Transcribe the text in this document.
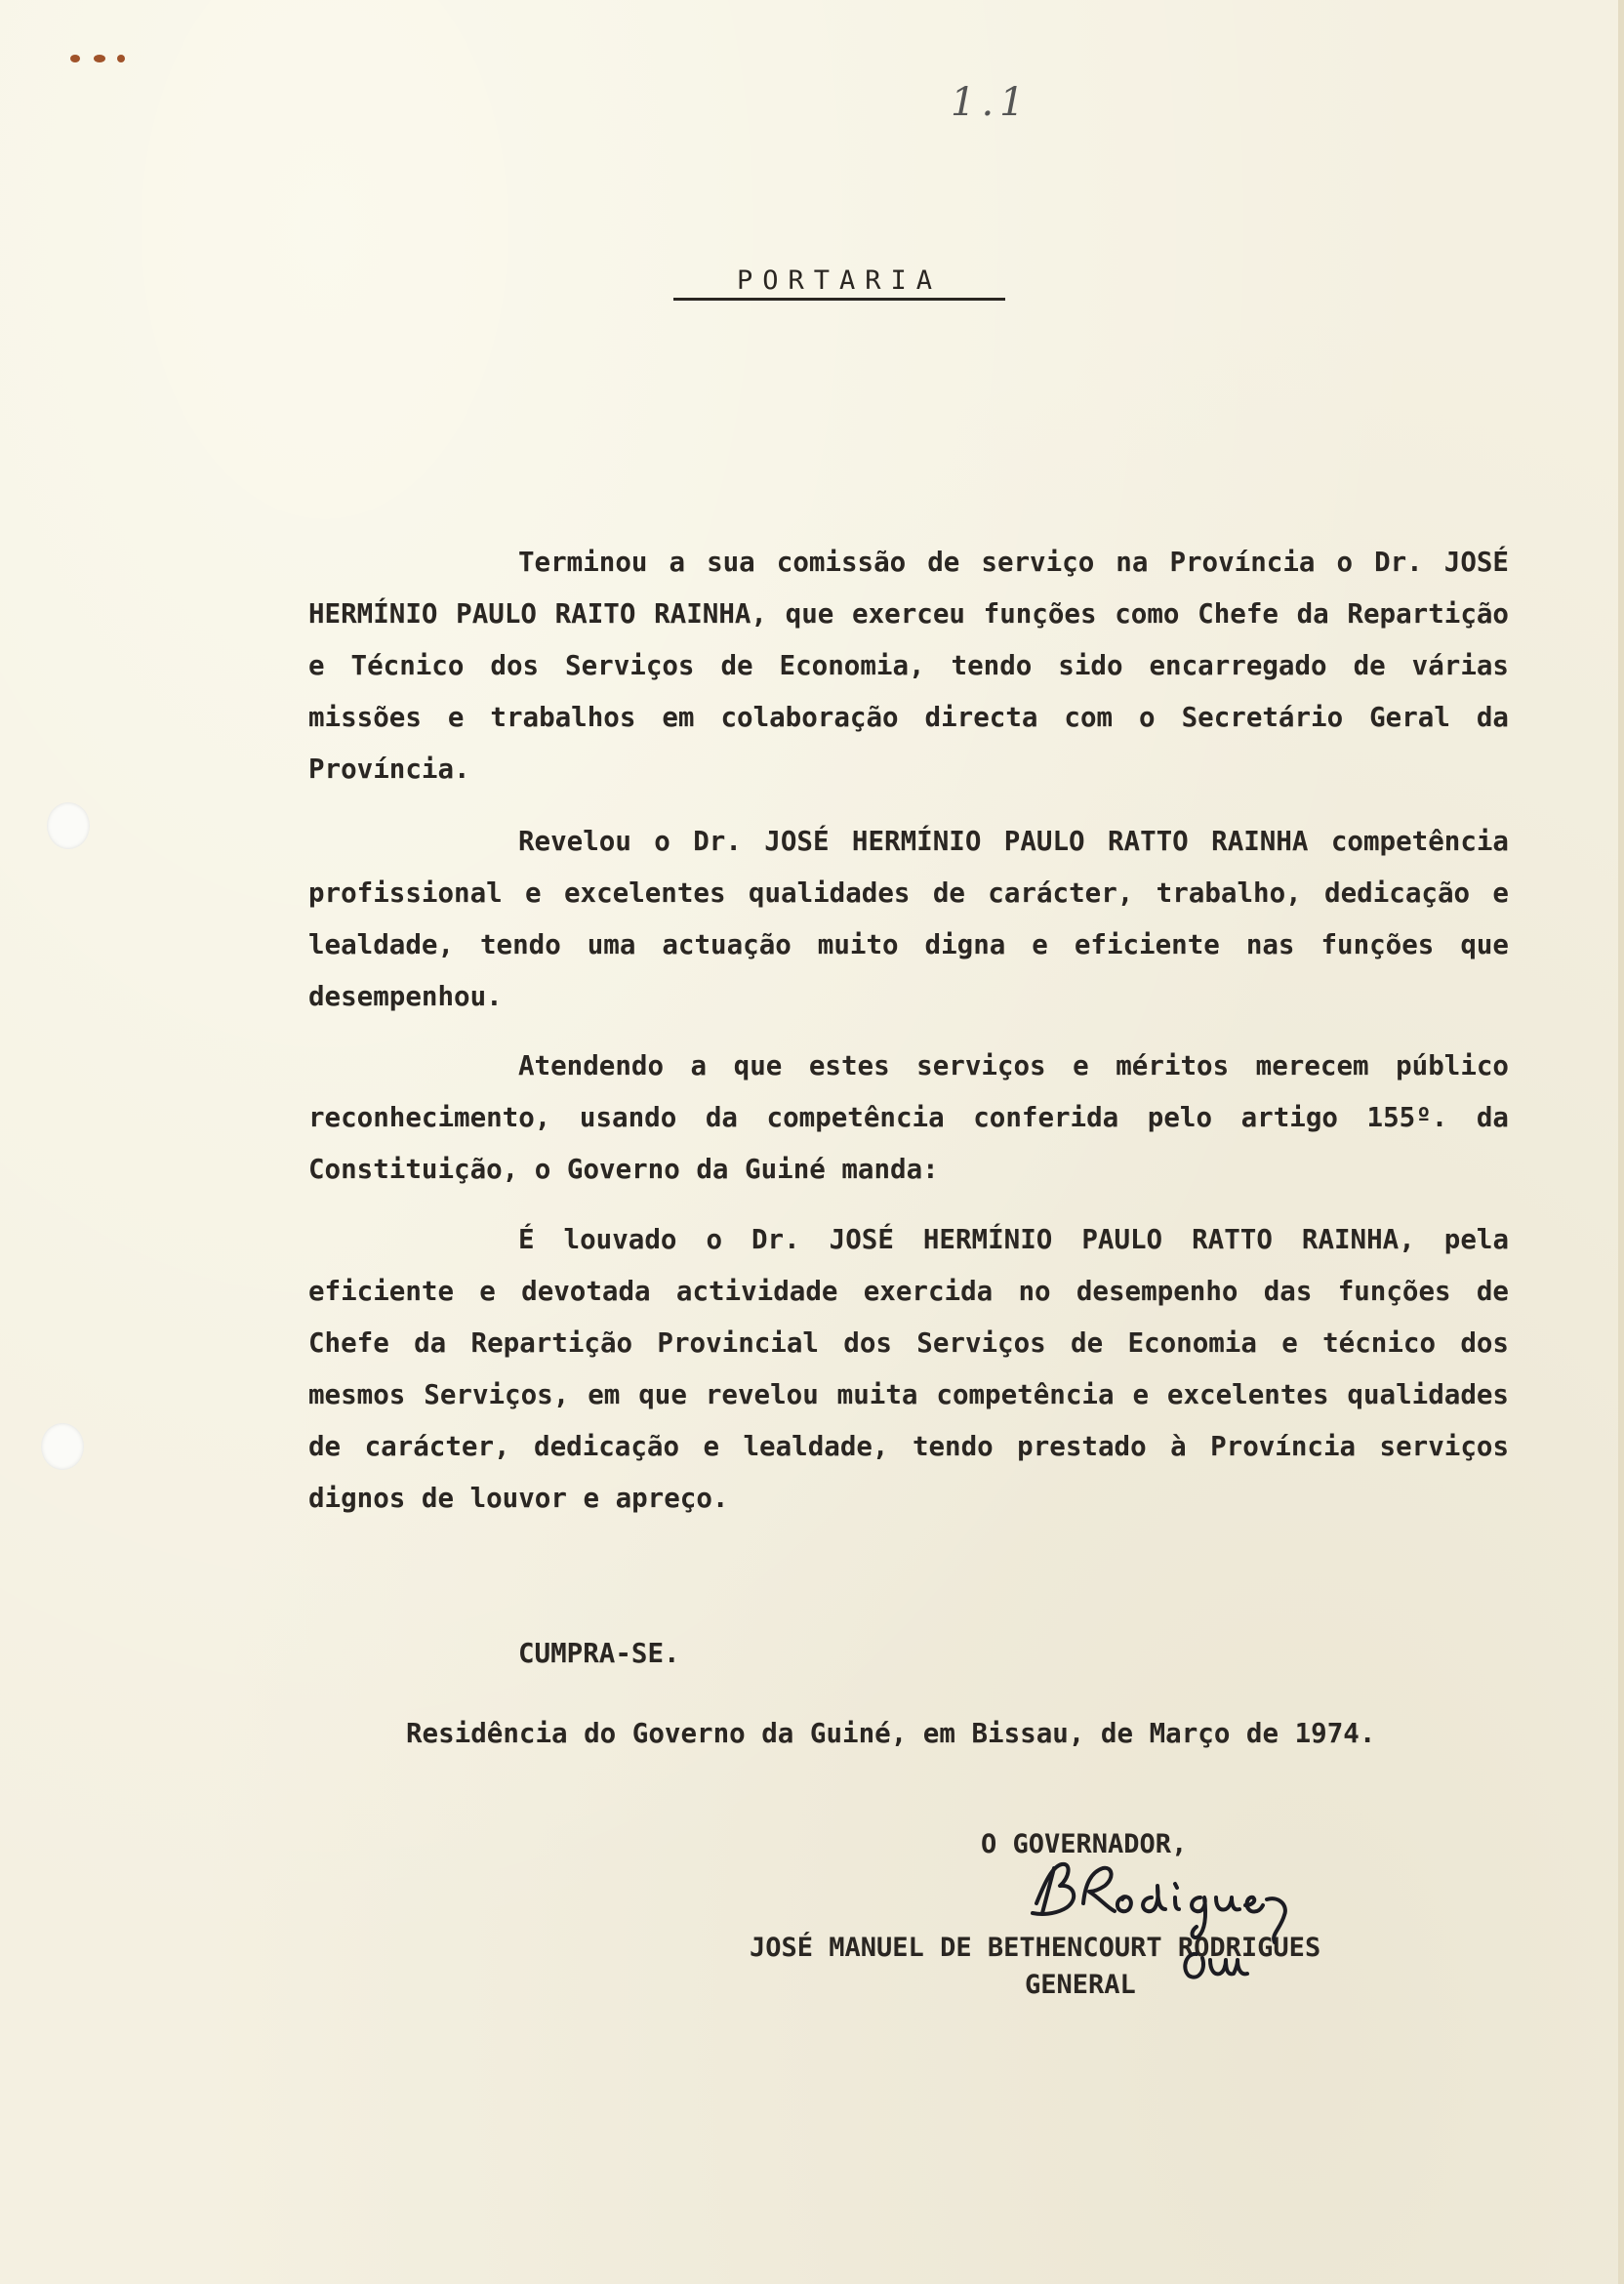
1.1
PORTARIA

Terminou a sua comissão de serviço na Província o Dr. JOSÉ HERMÍNIO PAULO RAITO RAINHA, que exerceu funções como Chefe da Repartição e Técnico dos Serviços de Economia, tendo sido encarregado de várias missões e trabalhos em colaboração directa com o Secretário Geral da Província.

Revelou o Dr. JOSÉ HERMÍNIO PAULO RATTO RAINHA competência profissional e excelentes qualidades de carácter, trabalho, dedicação e lealdade, tendo uma actuação muito digna e eficiente nas funções que desempenhou.

Atendendo a que estes serviços e méritos merecem público reconhecimento, usando da competência conferida pelo artigo 155º. da Constituição, o Governo da Guiné manda:

É louvado o Dr. JOSÉ HERMÍNIO PAULO RATTO RAINHA, pela eficiente e devotada actividade exercida no desempenho das funções de Chefe da Repartição Provincial dos Serviços de Economia e técnico dos mesmos Serviços, em que revelou muita competência e excelentes qualidades de carácter, dedicação e lealdade, tendo prestado à Província serviços dignos de louvor e apreço.

CUMPRA-SE.

Residência do Governo da Guiné, em Bissau, de Março de 1974.

O GOVERNADOR,
JOSÉ MANUEL DE BETHENCOURT RODRIGUES
GENERAL
